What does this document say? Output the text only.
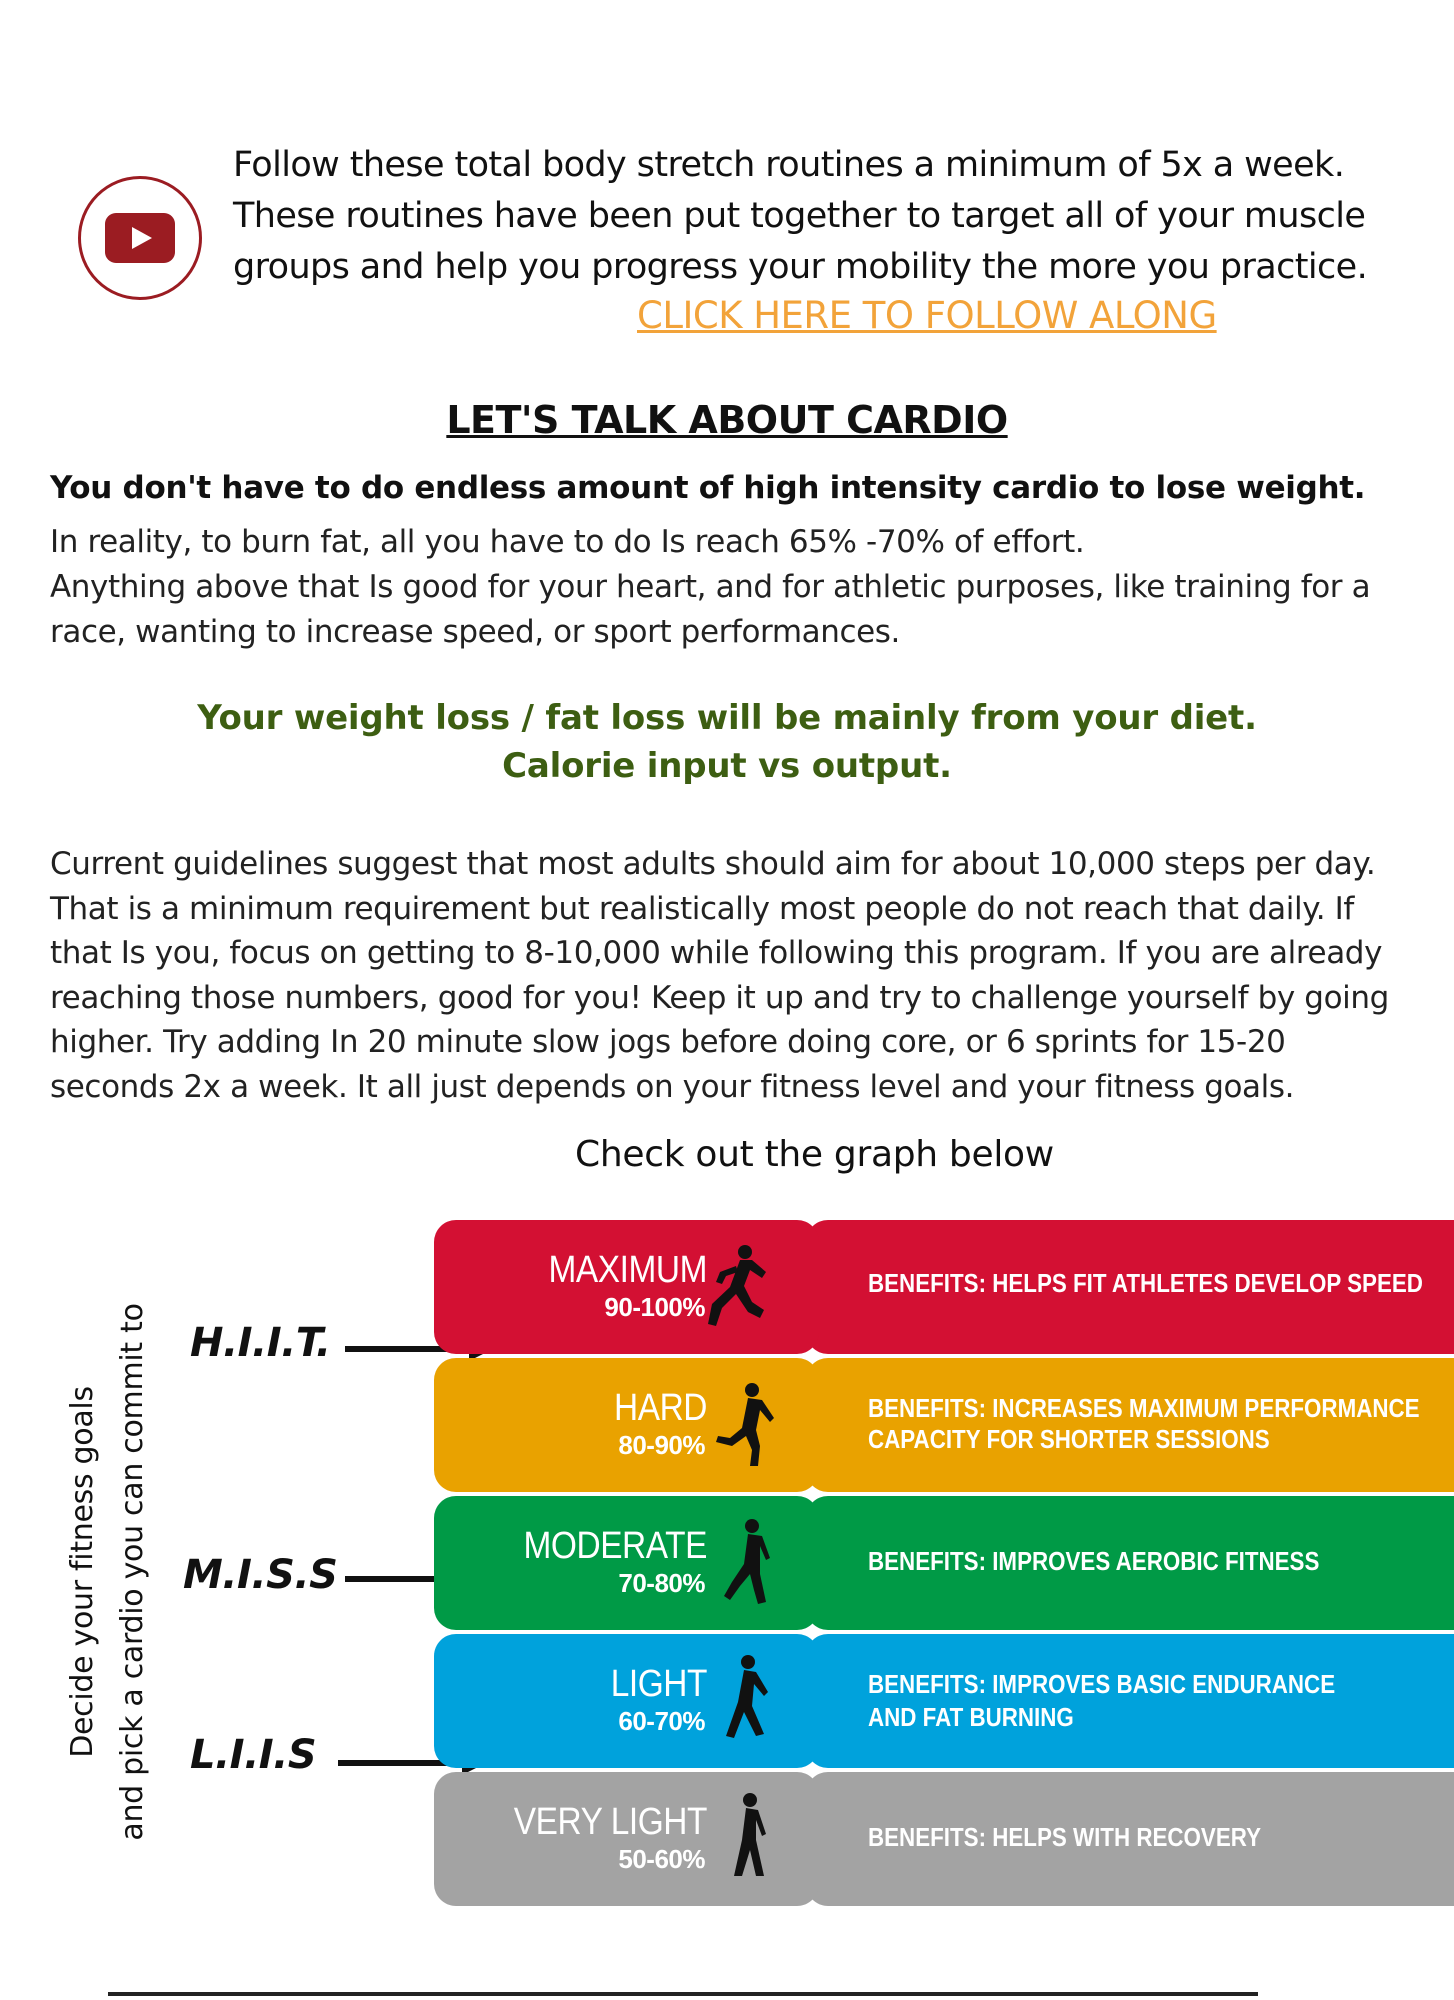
Follow these total body stretch routines a minimum of 5x a week. These routines have been put together to target all of your muscle groups and help you progress your mobility the more you practice.
CLICK HERE TO FOLLOW ALONG
LET'S TALK ABOUT CARDIO
You don't have to do endless amount of high intensity cardio to lose weight.
In reality, to burn fat, all you have to do Is reach 65% -70% of effort.
Anything above that Is good for your heart, and for athletic purposes, like training for a race, wanting to increase speed, or sport performances.
Your weight loss / fat loss will be mainly from your diet.
Calorie input vs output.
Current guidelines suggest that most adults should aim for about 10,000 steps per day. That is a minimum requirement but realistically most people do not reach that daily. If that Is you, focus on getting to 8-10,000 while following this program. If you are already reaching those numbers, good for you! Keep it up and try to challenge yourself by going higher. Try adding In 20 minute slow jogs before doing core, or 6 sprints for 15-20 seconds 2x a week. It all just depends on your fitness level and your fitness goals.
Check out the graph below
Decide your fitness goals and pick a cardio you can commit to H.I.I.T.
M.I.S.S
L.I.I.S
BENEFITS: HELPS FIT ATHLETES DEVELOP SPEED
MAXIMUM
90-100%
BENEFITS: INCREASES MAXIMUM PERFORMANCE
CAPACITY FOR SHORTER SESSIONS
HARD
80-90%
BENEFITS: IMPROVES AEROBIC FITNESS
MODERATE
70-80%
BENEFITS: IMPROVES BASIC ENDURANCE
AND FAT BURNING
LIGHT
60-70%
BENEFITS: HELPS WITH RECOVERY
VERY LIGHT
50-60%
